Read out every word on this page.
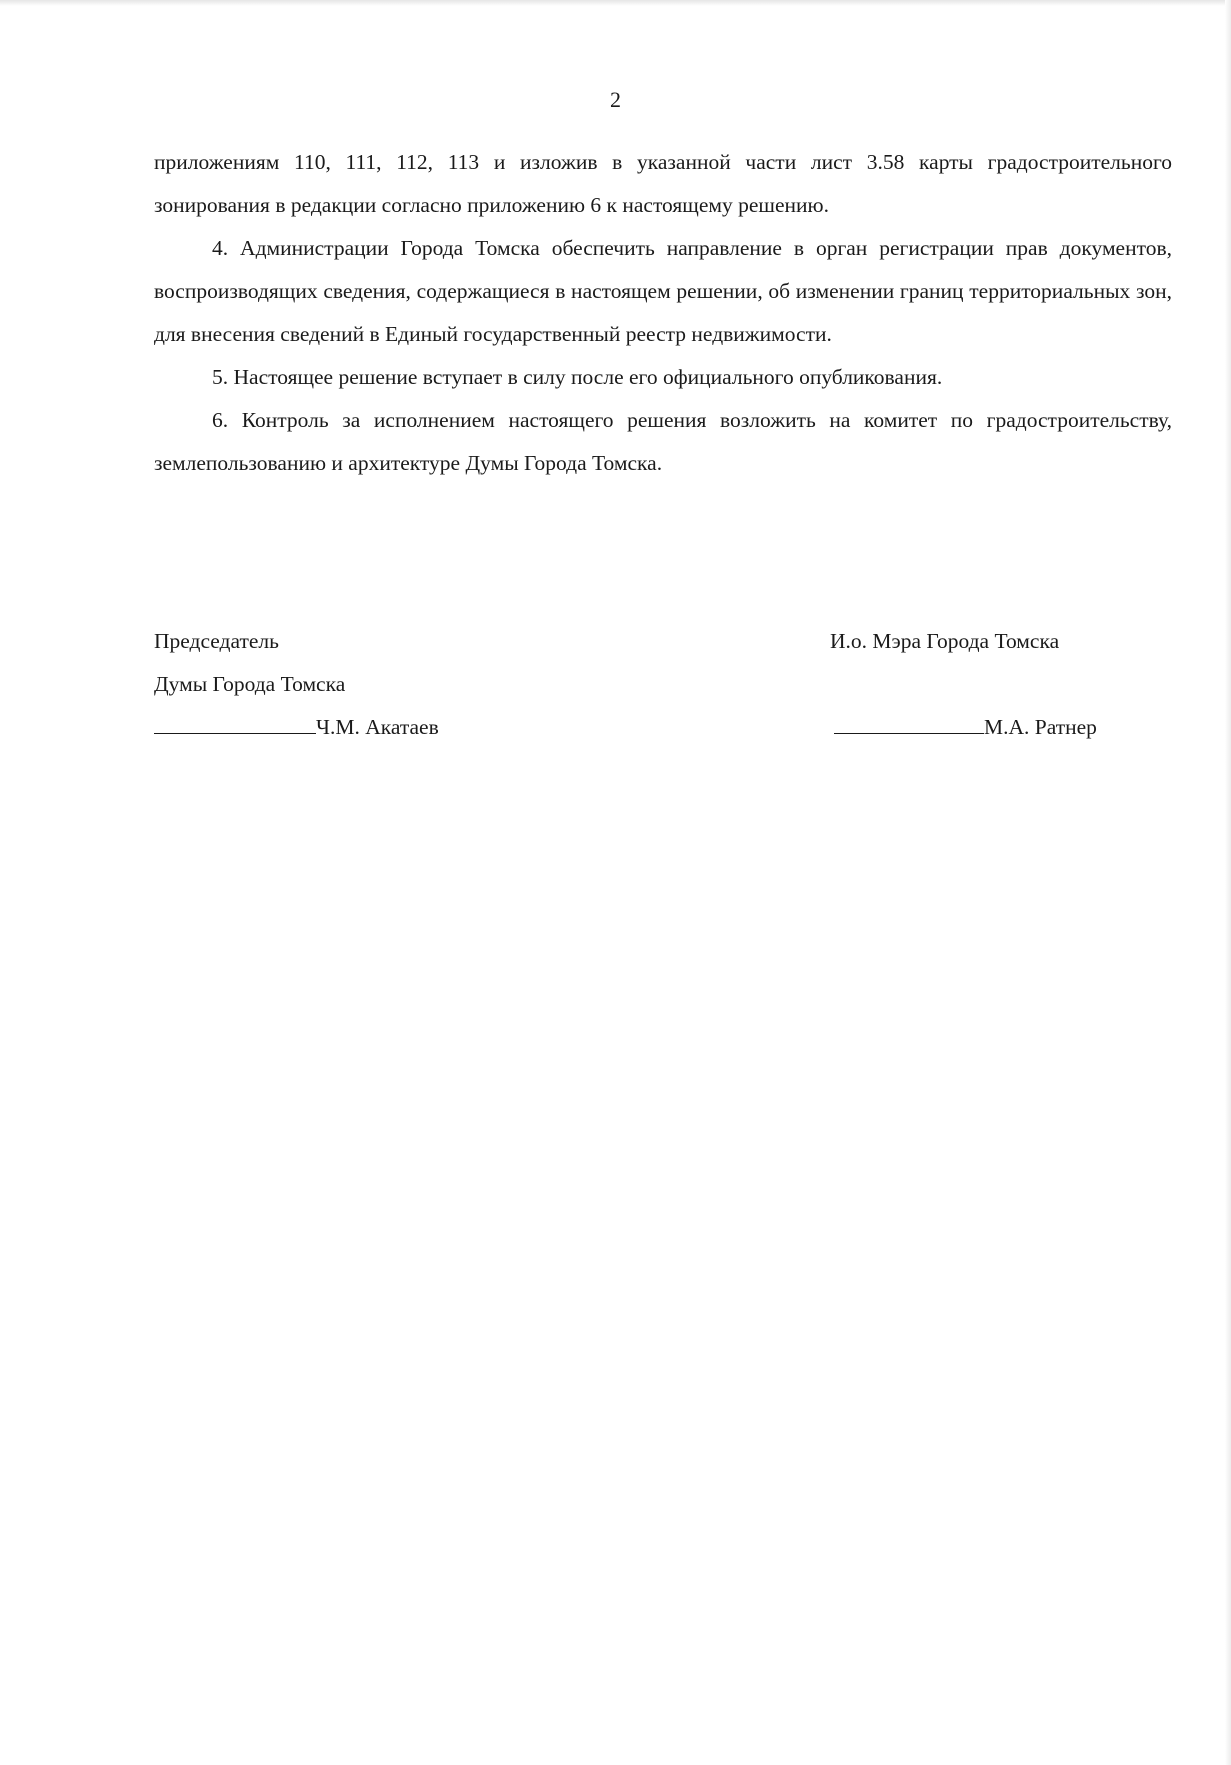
2

приложениям 110, 111, 112, 113 и изложив в указанной части лист 3.58 карты градостроительного зонирования в редакции согласно приложению 6 к настоящему решению.

4. Администрации Города Томска обеспечить направление в орган регистрации прав документов, воспроизводящих сведения, содержащиеся в настоящем решении, об изменении границ территориальных зон, для внесения сведений в Единый государственный реестр недвижимости.

5. Настоящее решение вступает в силу после его официального опубликования.

6. Контроль за исполнением настоящего решения возложить на комитет по градостроительству, землепользованию и архитектуре Думы Города Томска.

Председатель
Думы Города Томска
Ч.М. Акатаев
И.о. Мэра Города Томска

М.А. Ратнер
